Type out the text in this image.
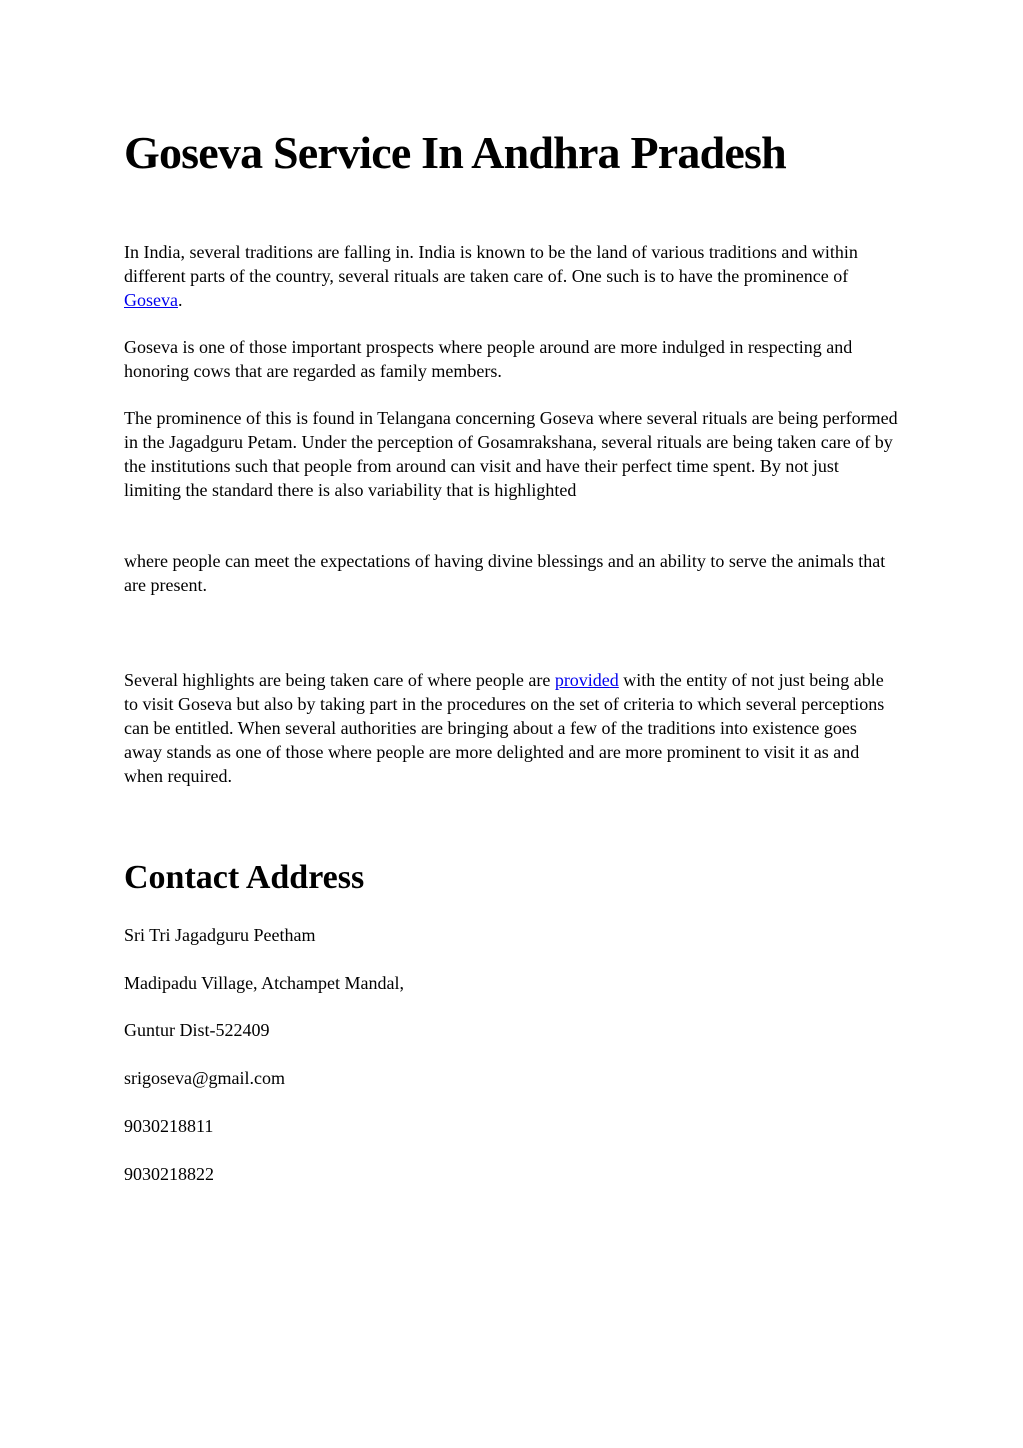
Goseva Service In Andhra Pradesh

In India, several traditions are falling in. India is known to be the land of various traditions and within different parts of the country, several rituals are taken care of. One such is to have the prominence of Goseva.

Goseva is one of those important prospects where people around are more indulged in respecting and honoring cows that are regarded as family members.

The prominence of this is found in Telangana concerning Goseva where several rituals are being performed in the Jagadguru Petam. Under the perception of Gosamrakshana, several rituals are being taken care of by the institutions such that people from around can visit and have their perfect time spent. By not just limiting the standard there is also variability that is highlighted

where people can meet the expectations of having divine blessings and an ability to serve the animals that are present.

Several highlights are being taken care of where people are provided with the entity of not just being able to visit Goseva but also by taking part in the procedures on the set of criteria to which several perceptions can be entitled. When several authorities are bringing about a few of the traditions into existence goes away stands as one of those where people are more delighted and are more prominent to visit it as and when required.

Contact Address

Sri Tri Jagadguru Peetham

Madipadu Village, Atchampet Mandal,

Guntur Dist-522409

srigoseva@gmail.com

9030218811

9030218822
